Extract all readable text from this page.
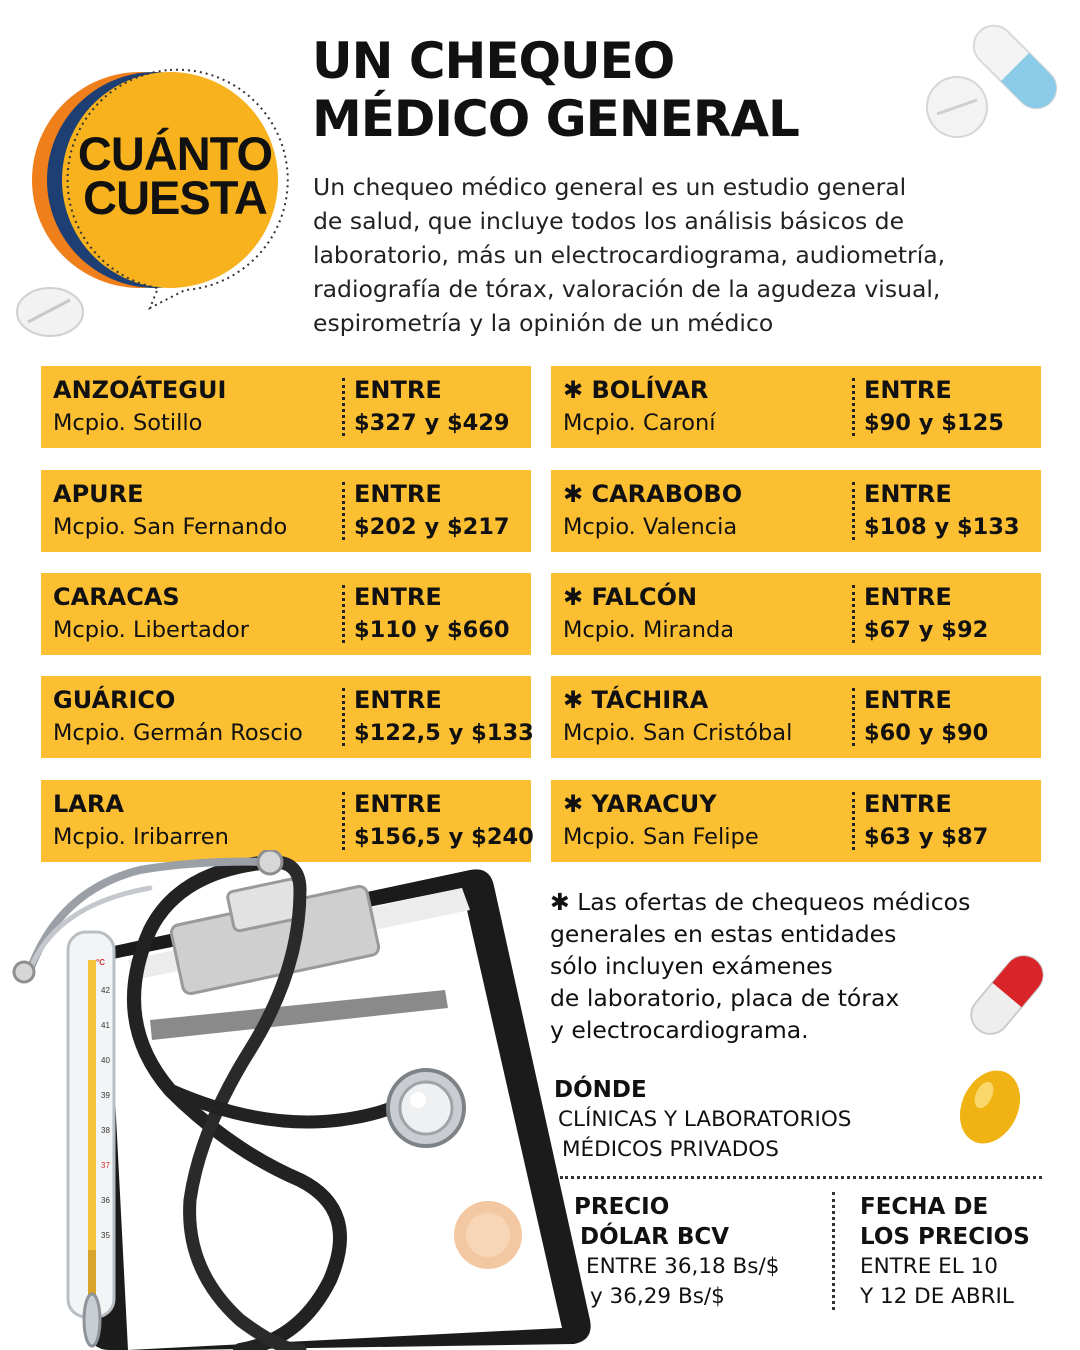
CUÁNTO
CUESTA
UN CHEQUEO
MÉDICO GENERAL
Un chequeo médico general es un estudio general
de salud, que incluye todos los análisis básicos de
laboratorio, más un electrocardiograma, audiometría,
radiografía de tórax, valoración de la agudeza visual,
espirometría y la opinión de un médico
ANZOÁTEGUI
Mcpio. Sotillo
ENTRE
$327 y $429
APURE
Mcpio. San Fernando
ENTRE
$202 y $217
CARACAS
Mcpio. Libertador
ENTRE
$110 y $660
GUÁRICO
Mcpio. Germán Roscio
ENTRE
$122,5 y $133
LARA
Mcpio. Iribarren
ENTRE
$156,5 y $240
✱ BOLÍVAR
Mcpio. Caroní
ENTRE
$90 y $125
✱ CARABOBO
Mcpio. Valencia
ENTRE
$108 y $133
✱ FALCÓN
Mcpio. Miranda
ENTRE
$67 y $92
✱ TÁCHIRA
Mcpio. San Cristóbal
ENTRE
$60 y $90
✱ YARACUY
Mcpio. San Felipe
ENTRE
$63 y $87
°C
42
41
40
39
38
37
36
35
✱ Las ofertas de chequeos médicos
generales en estas entidades
sólo incluyen exámenes
de laboratorio, placa de tórax
y electrocardiograma.
DÓNDE
CLÍNICAS Y LABORATORIOS
MÉDICOS PRIVADOS
PRECIO
DÓLAR BCV
ENTRE 36,18 Bs/$
y 36,29 Bs/$
FECHA DE
LOS PRECIOS
ENTRE EL 10
Y 12 DE ABRIL
